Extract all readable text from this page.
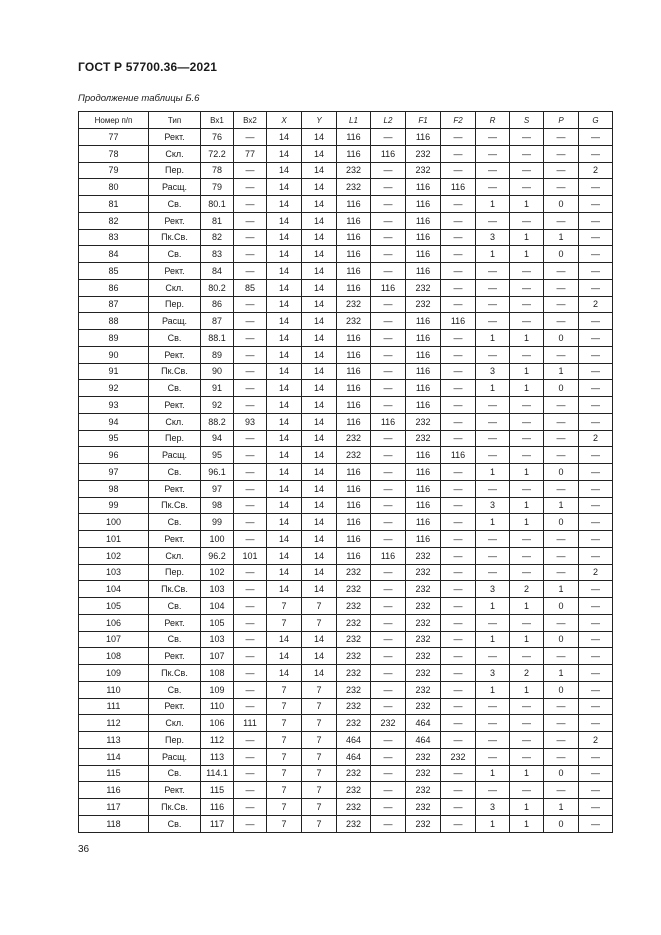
ГОСТ Р 57700.36—2021
Продолжение таблицы Б.6
Номер п/п	Тип	Bx1	Bx2	X	Y	L1	L2	F1	F2	R	S	P	G
77	Рект.	76	—	14	14	116	—	116	—	—	—	—	—
78	Скл.	72.2	77	14	14	116	116	232	—	—	—	—	—
79	Пер.	78	—	14	14	232	—	232	—	—	—	—	2
80	Расщ.	79	—	14	14	232	—	116	116	—	—	—	—
81	Св.	80.1	—	14	14	116	—	116	—	1	1	0	—
82	Рект.	81	—	14	14	116	—	116	—	—	—	—	—
83	Пк.Св.	82	—	14	14	116	—	116	—	3	1	1	—
84	Св.	83	—	14	14	116	—	116	—	1	1	0	—
85	Рект.	84	—	14	14	116	—	116	—	—	—	—	—
86	Скл.	80.2	85	14	14	116	116	232	—	—	—	—	—
87	Пер.	86	—	14	14	232	—	232	—	—	—	—	2
88	Расщ.	87	—	14	14	232	—	116	116	—	—	—	—
89	Св.	88.1	—	14	14	116	—	116	—	1	1	0	—
90	Рект.	89	—	14	14	116	—	116	—	—	—	—	—
91	Пк.Св.	90	—	14	14	116	—	116	—	3	1	1	—
92	Св.	91	—	14	14	116	—	116	—	1	1	0	—
93	Рект.	92	—	14	14	116	—	116	—	—	—	—	—
94	Скл.	88.2	93	14	14	116	116	232	—	—	—	—	—
95	Пер.	94	—	14	14	232	—	232	—	—	—	—	2
96	Расщ.	95	—	14	14	232	—	116	116	—	—	—	—
97	Св.	96.1	—	14	14	116	—	116	—	1	1	0	—
98	Рект.	97	—	14	14	116	—	116	—	—	—	—	—
99	Пк.Св.	98	—	14	14	116	—	116	—	3	1	1	—
100	Св.	99	—	14	14	116	—	116	—	1	1	0	—
101	Рект.	100	—	14	14	116	—	116	—	—	—	—	—
102	Скл.	96.2	101	14	14	116	116	232	—	—	—	—	—
103	Пер.	102	—	14	14	232	—	232	—	—	—	—	2
104	Пк.Св.	103	—	14	14	232	—	232	—	3	2	1	—
105	Св.	104	—	7	7	232	—	232	—	1	1	0	—
106	Рект.	105	—	7	7	232	—	232	—	—	—	—	—
107	Св.	103	—	14	14	232	—	232	—	1	1	0	—
108	Рект.	107	—	14	14	232	—	232	—	—	—	—	—
109	Пк.Св.	108	—	14	14	232	—	232	—	3	2	1	—
110	Св.	109	—	7	7	232	—	232	—	1	1	0	—
111	Рект.	110	—	7	7	232	—	232	—	—	—	—	—
112	Скл.	106	111	7	7	232	232	464	—	—	—	—	—
113	Пер.	112	—	7	7	464	—	464	—	—	—	—	2
114	Расщ.	113	—	7	7	464	—	232	232	—	—	—	—
115	Св.	114.1	—	7	7	232	—	232	—	1	1	0	—
116	Рект.	115	—	7	7	232	—	232	—	—	—	—	—
117	Пк.Св.	116	—	7	7	232	—	232	—	3	1	1	—
118	Св.	117	—	7	7	232	—	232	—	1	1	0	—
36
